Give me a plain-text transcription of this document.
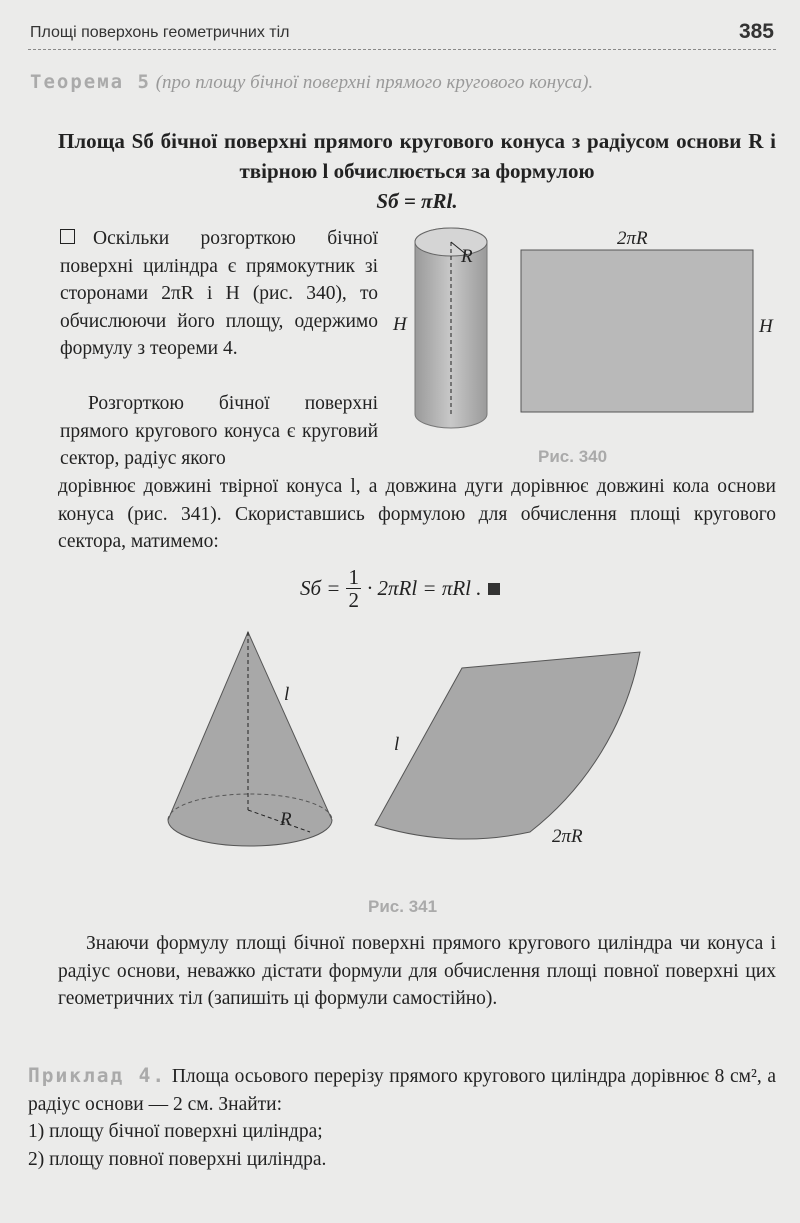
Площі поверхонь геометричних тіл	385
Теорема 5 (про площу бічної поверхні прямого кругового конуса).
Площа Sб бічної поверхні прямого кругового конуса з радіусом основи R і твірною l обчислюється за формулою
Sб = πRl.
Оскільки розгорткою бічної поверхні циліндра є прямокутник зі сторонами 2πR і H (рис. 340), то обчислюючи його площу, одержимо формулу з теореми 4.
Розгорткою бічної поверхні прямого кругового конуса є круговий сектор, радіус якого
дорівнює довжині твірної конуса l, а довжина дуги дорівнює довжині кола основи конуса (рис. 341). Скориставшись формулою для обчислення площі кругового сектора, матимемо:
Sб = $\frac{1}{2} \cdot 2\pi Rl = \pi Rl$ .
R
H
2πR
H
Рис. 340
l
R
l
2πR
Рис. 341
Знаючи формулу площі бічної поверхні прямого кругового циліндра чи конуса і радіус основи, неважко дістати формули для обчислення площі повної поверхні цих геометричних тіл (запишіть ці формули самостійно).
Приклад 4. Площа осьового перерізу прямого кругового циліндра дорівнює 8 см², а радіус основи — 2 см. Знайти:
1) площу бічної поверхні циліндра;
2) площу повної поверхні циліндра.
